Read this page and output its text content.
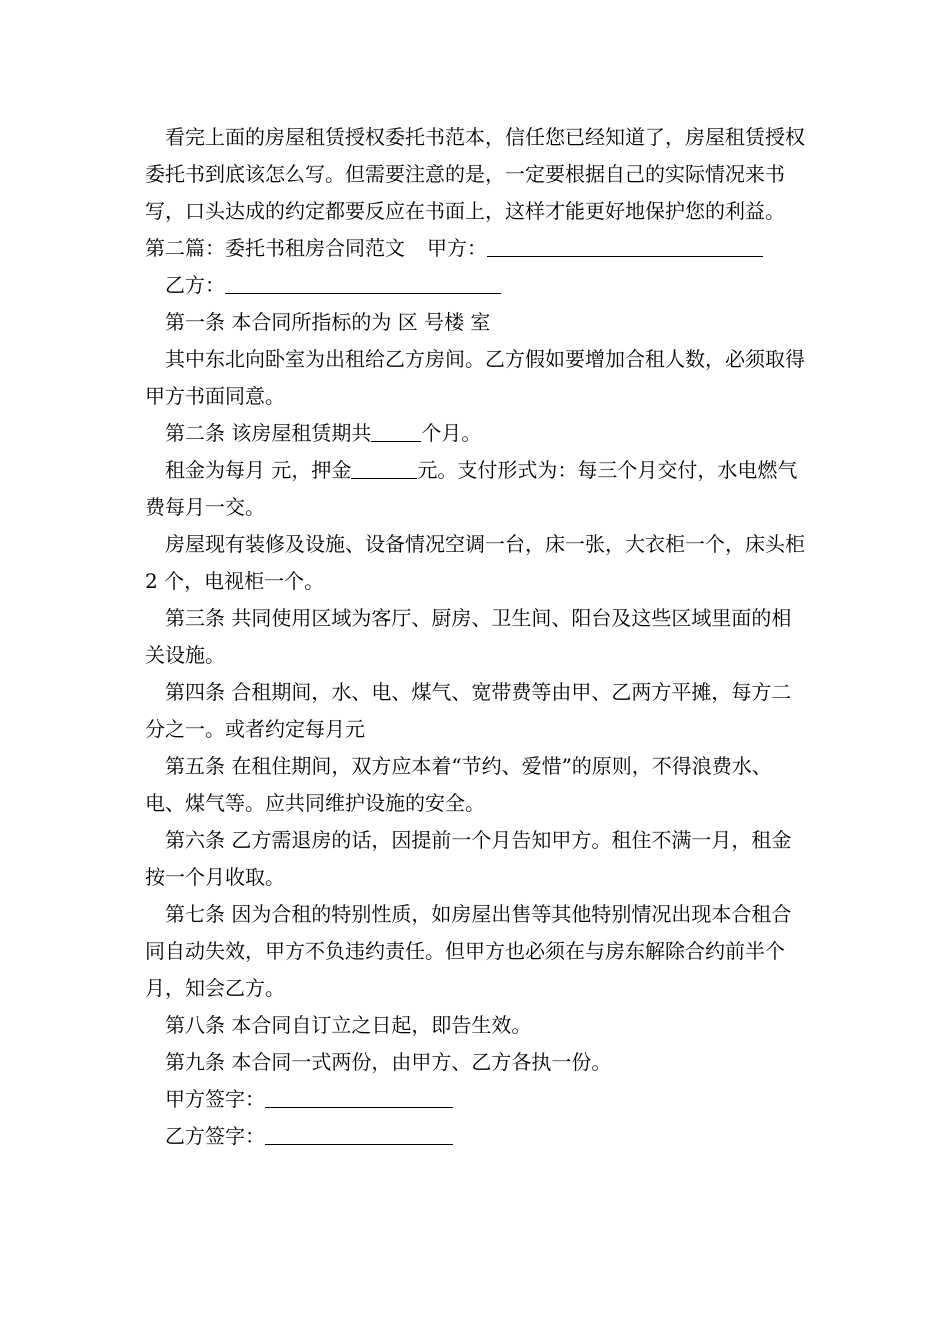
看完上面的房屋租赁授权委托书范本，信任您已经知道了，房屋租赁授权委托书到底该怎么写。但需要注意的是，一定要根据自己的实际情况来书写，口头达成的约定都要反应在书面上，这样才能更好地保护您的利益。

第二篇：委托书租房合同范文 甲方：

乙方：

第一条 本合同所指标的为 区 号楼 室

其中东北向卧室为出租给乙方房间。乙方假如要增加合租人数，必须取得甲方书面同意。

第二条 该房屋租赁期共	个月。

租金为每月 元，押金	元。支付形式为：每三个月交付，水电燃气费每月一交。

房屋现有装修及设施、设备情况空调一台，床一张，大衣柜一个，床头柜 2 个，电视柜一个。

第三条 共同使用区域为客厅、厨房、卫生间、阳台及这些区域里面的相关设施。

第四条 合租期间，水、电、煤气、宽带费等由甲、乙两方平摊，每方二分之一。或者约定每月元

第五条 在租住期间，双方应本着“节约、爱惜”的原则，不得浪费水、电、煤气等。应共同维护设施的安全。

第六条 乙方需退房的话，因提前一个月告知甲方。租住不满一月，租金按一个月收取。

第七条 因为合租的特别性质，如房屋出售等其他特别情况出现本合租合同自动失效，甲方不负违约责任。但甲方也必须在与房东解除合约前半个月，知会乙方。

第八条 本合同自订立之日起，即告生效。

第九条 本合同一式两份，由甲方、乙方各执一份。

甲方签字：

乙方签字：
